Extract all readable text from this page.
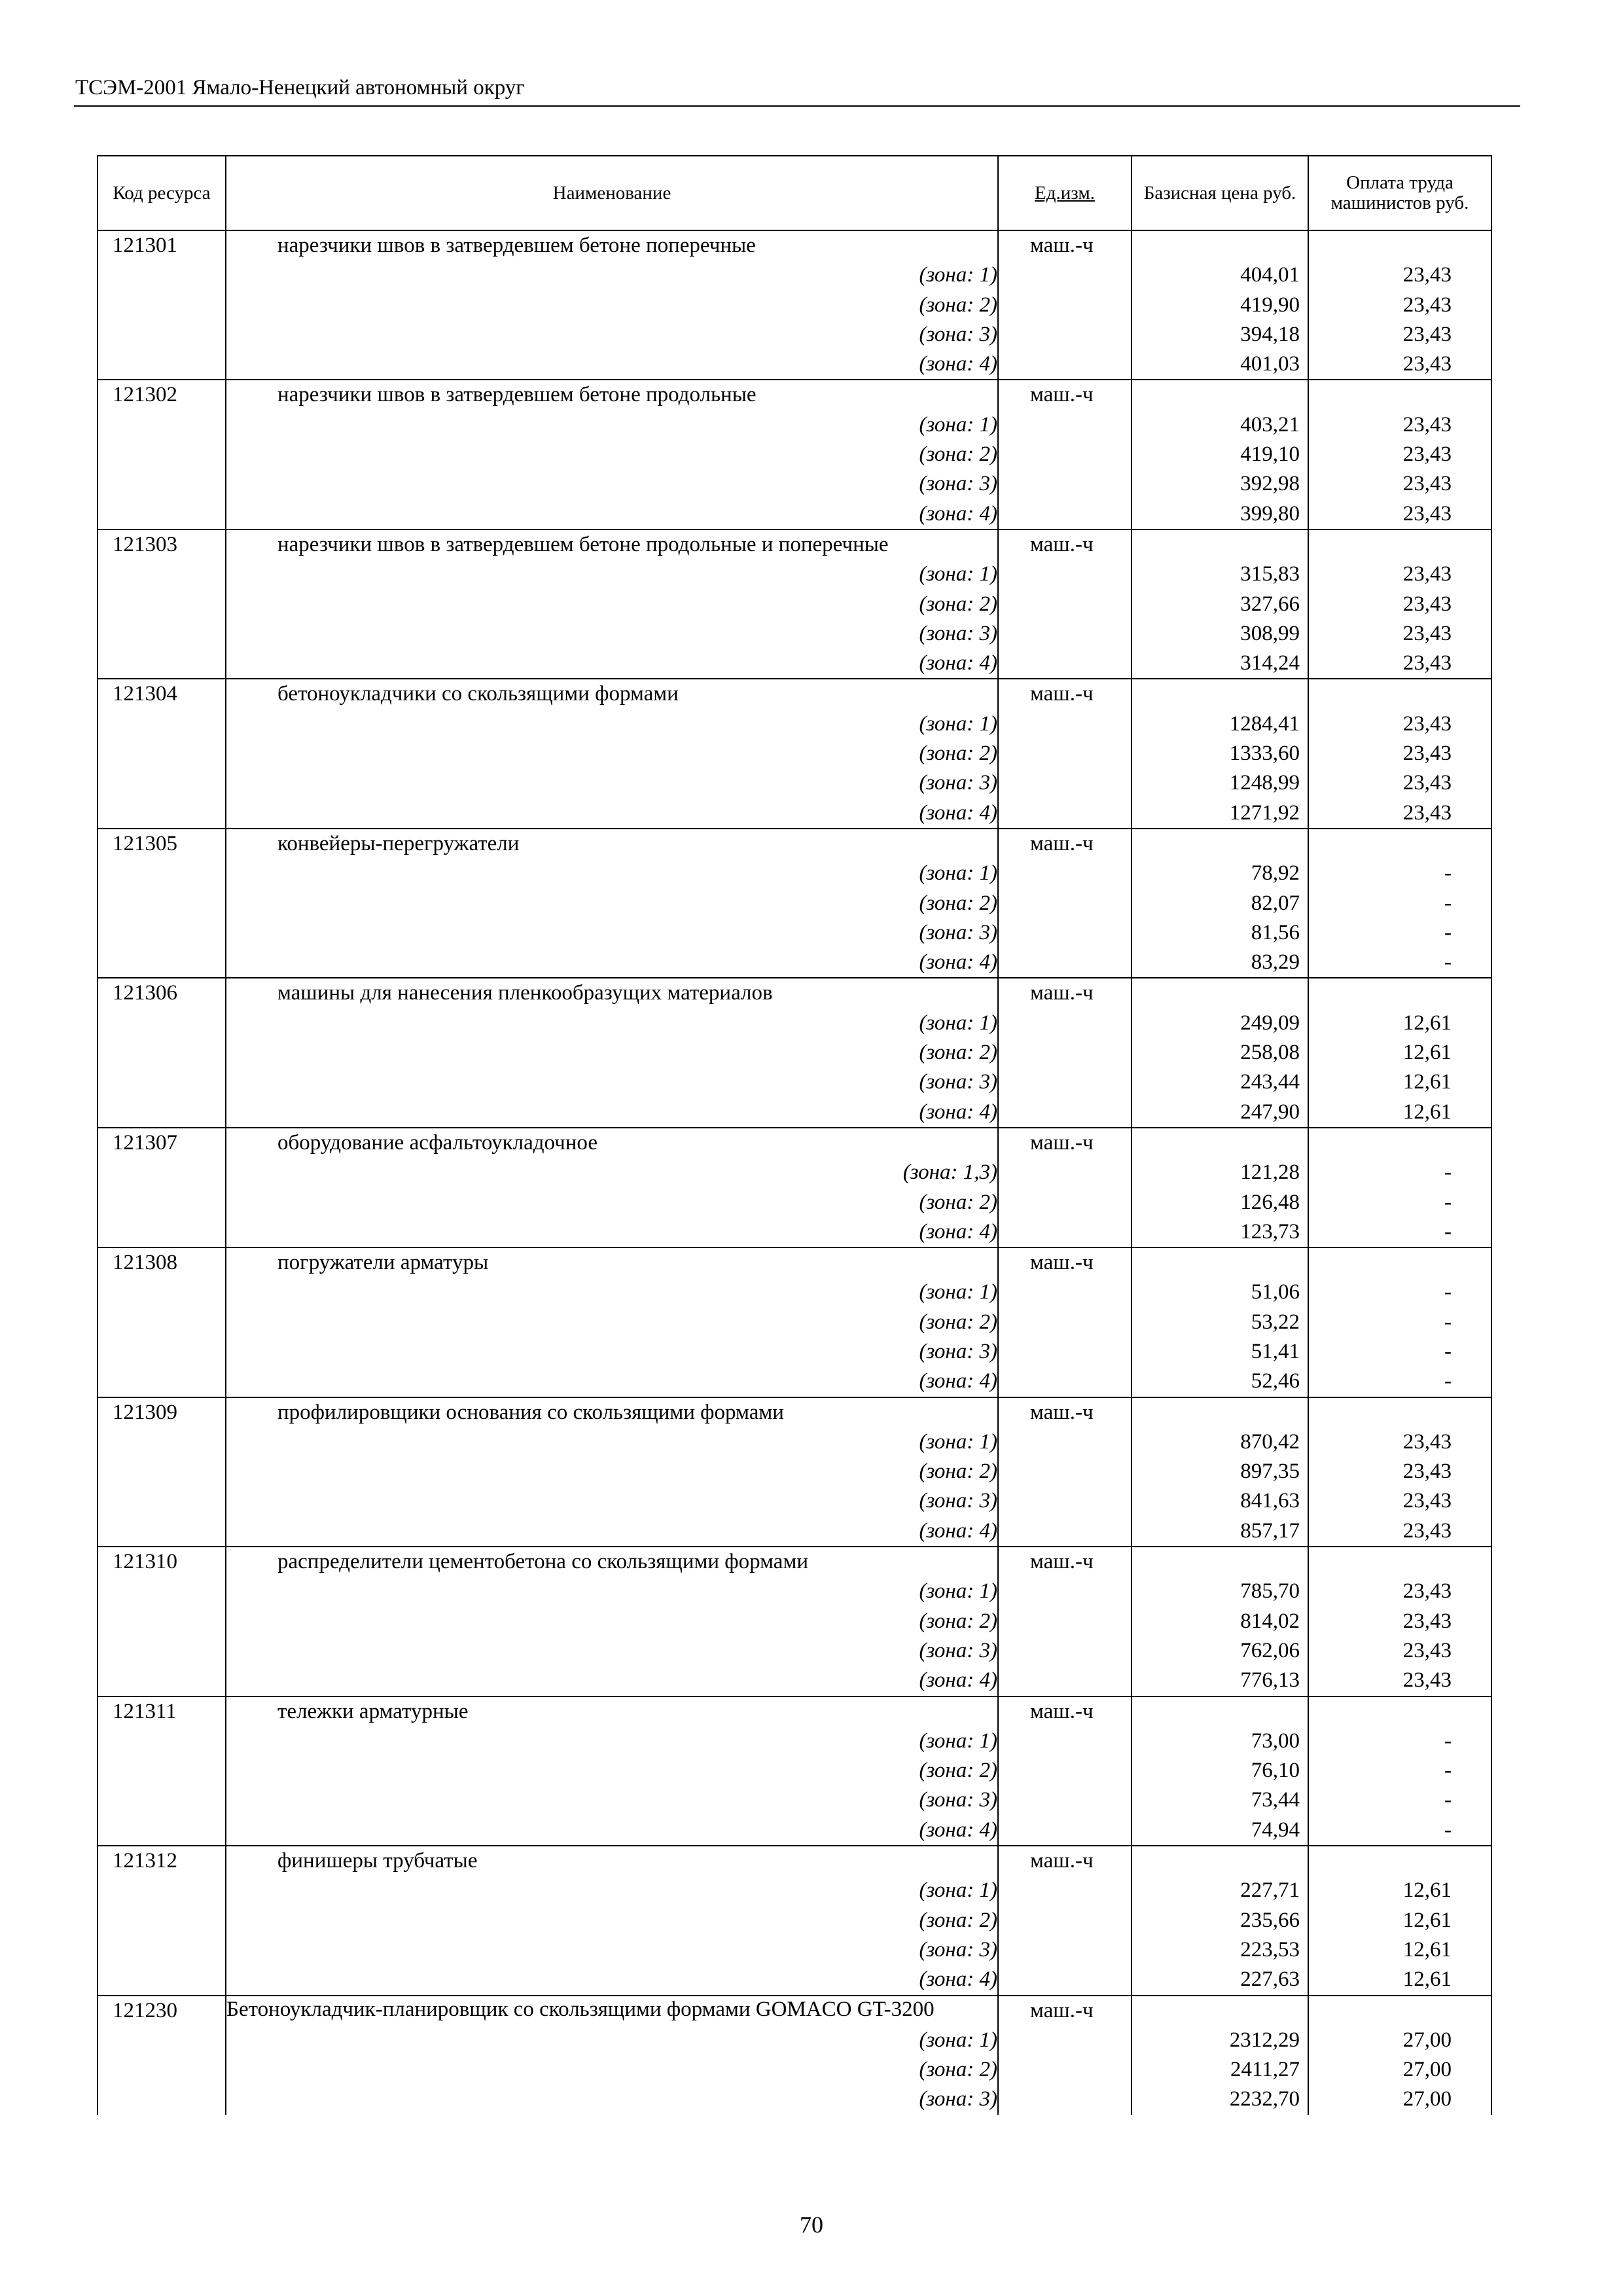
ТСЭМ-2001 Ямало-Ненецкий автономный округ
Код ресурса	Наименование	Ед.изм.	Базисная цена руб.	Оплата труда машинистов руб.
121301	нарезчики швов в затвердевшем бетоне поперечные	маш.-ч		
	(зона: 1)		404,01	23,43
	(зона: 2)		419,90	23,43
	(зона: 3)		394,18	23,43
	(зона: 4)		401,03	23,43
121302	нарезчики швов в затвердевшем бетоне продольные	маш.-ч		
	(зона: 1)		403,21	23,43
	(зона: 2)		419,10	23,43
	(зона: 3)		392,98	23,43
	(зона: 4)		399,80	23,43
121303	нарезчики швов в затвердевшем бетоне продольные и поперечные	маш.-ч		
	(зона: 1)		315,83	23,43
	(зона: 2)		327,66	23,43
	(зона: 3)		308,99	23,43
	(зона: 4)		314,24	23,43
121304	бетоноукладчики со скользящими формами	маш.-ч		
	(зона: 1)		1284,41	23,43
	(зона: 2)		1333,60	23,43
	(зона: 3)		1248,99	23,43
	(зона: 4)		1271,92	23,43
121305	конвейеры-перегружатели	маш.-ч		
	(зона: 1)		78,92	-
	(зона: 2)		82,07	-
	(зона: 3)		81,56	-
	(зона: 4)		83,29	-
121306	машины для нанесения пленкообразущих материалов	маш.-ч		
	(зона: 1)		249,09	12,61
	(зона: 2)		258,08	12,61
	(зона: 3)		243,44	12,61
	(зона: 4)		247,90	12,61
121307	оборудование асфальтоукладочное	маш.-ч		
	(зона: 1,3)		121,28	-
	(зона: 2)		126,48	-
	(зона: 4)		123,73	-
121308	погружатели арматуры	маш.-ч		
	(зона: 1)		51,06	-
	(зона: 2)		53,22	-
	(зона: 3)		51,41	-
	(зона: 4)		52,46	-
121309	профилировщики основания со скользящими формами	маш.-ч		
	(зона: 1)		870,42	23,43
	(зона: 2)		897,35	23,43
	(зона: 3)		841,63	23,43
	(зона: 4)		857,17	23,43
121310	распределители цементобетона со скользящими формами	маш.-ч		
	(зона: 1)		785,70	23,43
	(зона: 2)		814,02	23,43
	(зона: 3)		762,06	23,43
	(зона: 4)		776,13	23,43
121311	тележки арматурные	маш.-ч		
	(зона: 1)		73,00	-
	(зона: 2)		76,10	-
	(зона: 3)		73,44	-
	(зона: 4)		74,94	-
121312	финишеры трубчатые	маш.-ч		
	(зона: 1)		227,71	12,61
	(зона: 2)		235,66	12,61
	(зона: 3)		223,53	12,61
	(зона: 4)		227,63	12,61
121230	Бетоноукладчик-планировщик со скользящими формами GOMACO GT-3200	маш.-ч		
	(зона: 1)		2312,29	27,00
	(зона: 2)		2411,27	27,00
	(зона: 3)		2232,70	27,00
70
